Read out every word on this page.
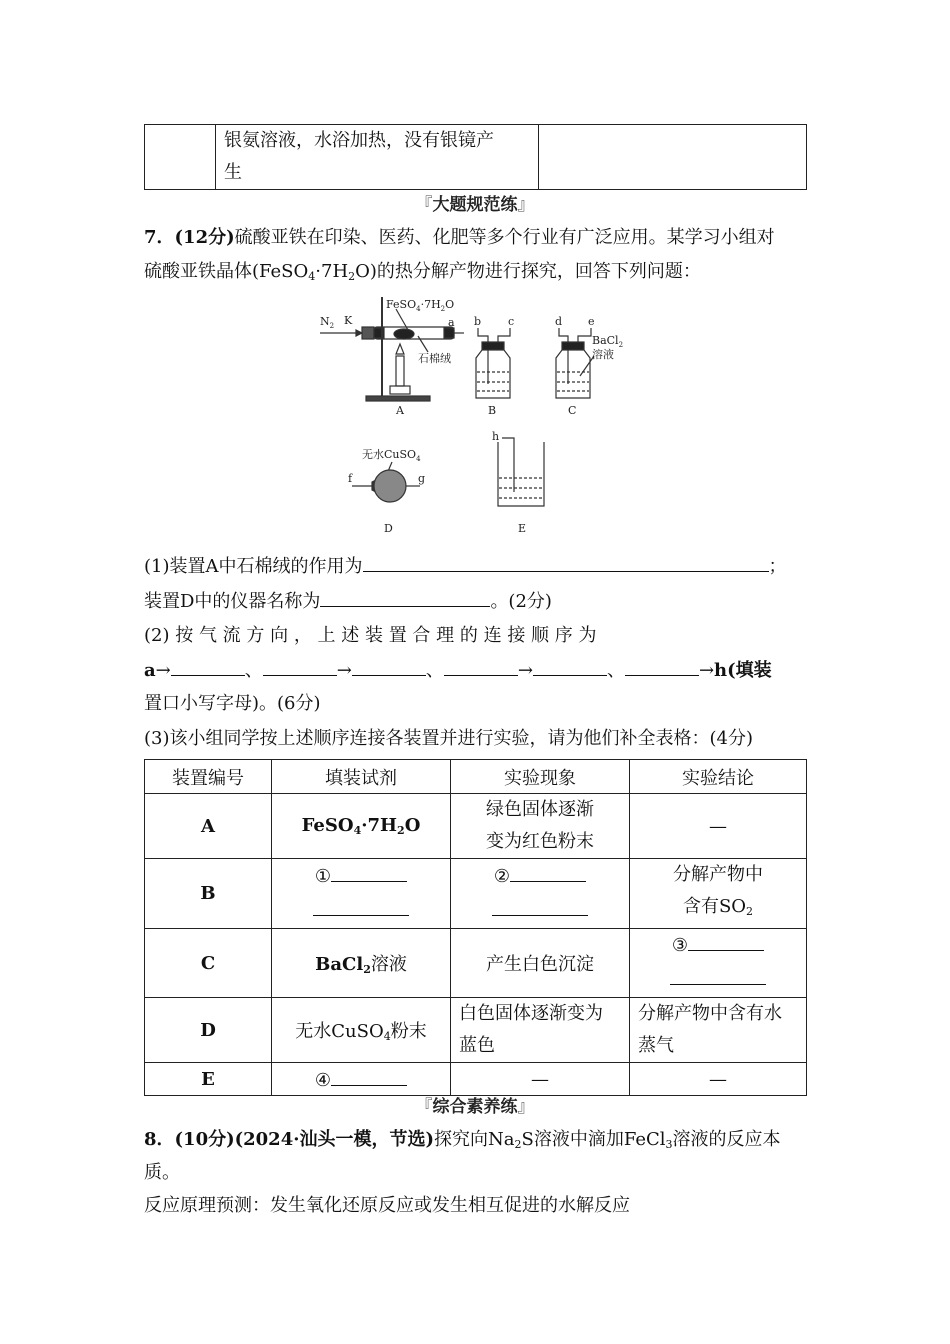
	银氨溶液，水浴加热，没有银镜产
生	
『大题规范练』
7．(12分)硫酸亚铁在印染、医药、化肥等多个行业有广泛应用。某学习小组对
硫酸亚铁晶体$(FeSO_4\cdot 7H_2O)$的热分解产物进行探究，回答下列问题：
$N_2$ K	a
$FeSO_4\cdot 7H_2O$
石棉绒
A
b c
B
d e
BaCl$_2$
溶液
C
无水CuSO$_4$
f	g
D
h
E
(1)装置A中石棉绒的作用为	；
装置D中的仪器名称为	。(2分)
(2) 按 气 流 方 向 ， 上 述 装 置 合 理 的 连 接 顺 序 为
a→	、	→	、	→	、	→h(填装
置口小写字母)。(6分)
(3)该小组同学按上述顺序连接各装置并进行实验，请为他们补全表格：(4分)
装置编号	填装试剂	实验现象	实验结论
A	$FeSO_4\cdot 7H_2O$	绿色固体逐渐
变为红色粉末	—
B	①	②	分解产物中
含有$SO_2$
C	BaCl$_2$溶液	产生白色沉淀	③

D	无水CuSO$_4$粉末	白色固体逐渐变为
蓝色	分解产物中含有水
蒸气
E	④	—	—
『综合素养练』
8．(10分)(2024·汕头一模，节选)探究向$Na_2S$溶液中滴加FeCl$_3$溶液的反应本
质。
反应原理预测：发生氧化还原反应或发生相互促进的水解反应
